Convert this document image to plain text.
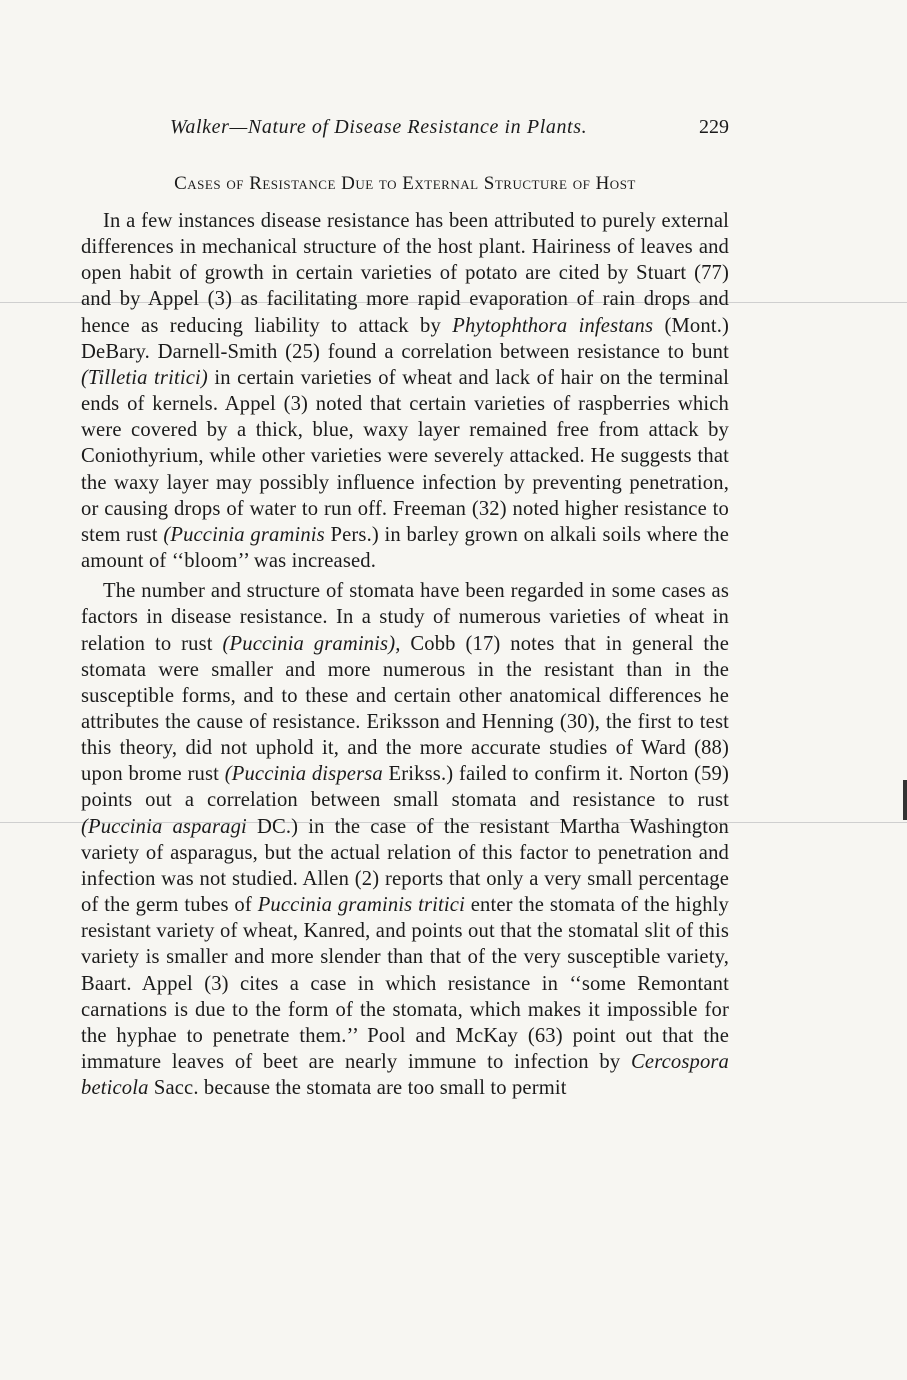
Walker—Nature of Disease Resistance in Plants.	229
Cases of Resistance Due to External Structure of Host

In a few instances disease resistance has been attributed to purely external differences in mechanical structure of the host plant. Hairiness of leaves and open habit of growth in certain varieties of potato are cited by Stuart (77) and by Appel (3) as facilitating more rapid evaporation of rain drops and hence as reducing liability to attack by Phytophthora infestans (Mont.) DeBary. Darnell-Smith (25) found a correlation between resistance to bunt (Tilletia tritici) in certain varieties of wheat and lack of hair on the terminal ends of kernels. Appel (3) noted that certain varieties of raspberries which were covered by a thick, blue, waxy layer remained free from attack by Coniothyrium, while other varieties were severely attacked. He suggests that the waxy layer may possibly influence infection by preventing penetration, or causing drops of water to run off. Freeman (32) noted higher resistance to stem rust (Puccinia graminis Pers.) in barley grown on alkali soils where the amount of ‘‘bloom’’ was increased.

The number and structure of stomata have been regarded in some cases as factors in disease resistance. In a study of numerous varieties of wheat in relation to rust (Puccinia graminis), Cobb (17) notes that in general the stomata were smaller and more numerous in the resistant than in the susceptible forms, and to these and certain other anatomical differences he attributes the cause of resistance. Eriksson and Henning (30), the first to test this theory, did not uphold it, and the more accurate studies of Ward (88) upon brome rust (Puccinia dispersa Erikss.) failed to confirm it. Norton (59) points out a correlation between small stomata and resistance to rust (Puccinia asparagi DC.) in the case of the resistant Martha Washington variety of asparagus, but the actual relation of this factor to penetration and infection was not studied. Allen (2) reports that only a very small percentage of the germ tubes of Puccinia graminis tritici enter the stomata of the highly resistant variety of wheat, Kanred, and points out that the stomatal slit of this variety is smaller and more slender than that of the very susceptible variety, Baart. Appel (3) cites a case in which resistance in ‘‘some Remontant carnations is due to the form of the stomata, which makes it impossible for the hyphae to penetrate them.’’ Pool and McKay (63) point out that the immature leaves of beet are nearly immune to infection by Cercospora beticola Sacc. because the stomata are too small to permit
